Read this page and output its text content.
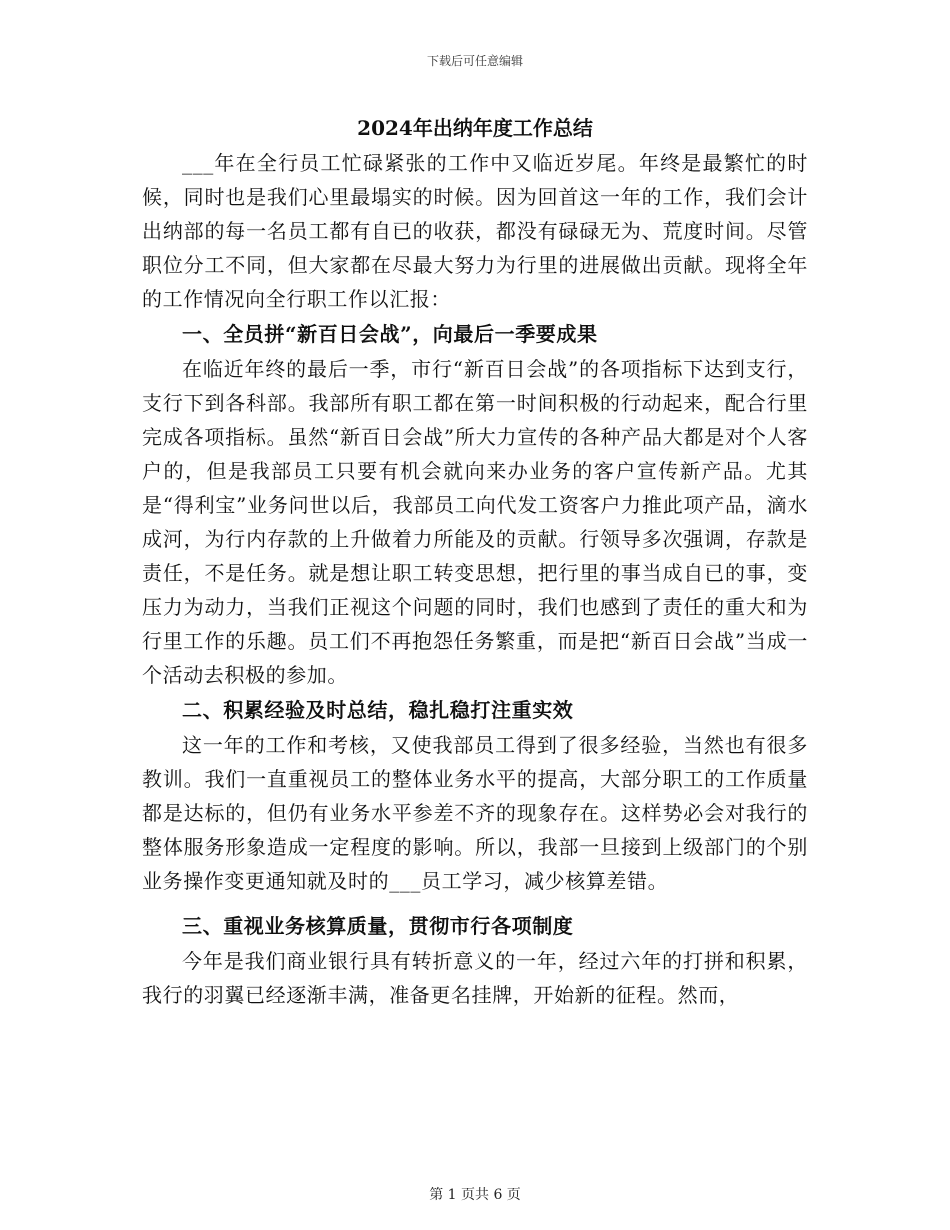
下载后可任意编辑
2024年出纳年度工作总结

___年在全行员工忙碌紧张的工作中又临近岁尾。年终是最繁忙的时候，同时也是我们心里最塌实的时候。因为回首这一年的工作，我们会计出纳部的每一名员工都有自已的收获，都没有碌碌无为、荒度时间。尽管职位分工不同，但大家都在尽最大努力为行里的进展做出贡献。现将全年的工作情况向全行职工作以汇报：

一、全员拼“新百日会战”，向最后一季要成果

在临近年终的最后一季，市行“新百日会战”的各项指标下达到支行，支行下到各科部。我部所有职工都在第一时间积极的行动起来，配合行里完成各项指标。虽然“新百日会战”所大力宣传的各种产品大都是对个人客户的，但是我部员工只要有机会就向来办业务的客户宣传新产品。尤其是“得利宝”业务问世以后，我部员工向代发工资客户力推此项产品，滴水成河，为行内存款的上升做着力所能及的贡献。行领导多次强调，存款是责任，不是任务。就是想让职工转变思想，把行里的事当成自已的事，变压力为动力，当我们正视这个问题的同时，我们也感到了责任的重大和为行里工作的乐趣。员工们不再抱怨任务繁重，而是把“新百日会战”当成一个活动去积极的参加。

二、积累经验及时总结，稳扎稳打注重实效

这一年的工作和考核，又使我部员工得到了很多经验，当然也有很多教训。我们一直重视员工的整体业务水平的提高，大部分职工的工作质量都是达标的，但仍有业务水平参差不齐的现象存在。这样势必会对我行的整体服务形象造成一定程度的影响。所以，我部一旦接到上级部门的个别业务操作变更通知就及时的___员工学习，减少核算差错。

三、重视业务核算质量，贯彻市行各项制度

今年是我们商业银行具有转折意义的一年，经过六年的打拼和积累，我行的羽翼已经逐渐丰满，准备更名挂牌，开始新的征程。然而，

第 1 页共 6 页
